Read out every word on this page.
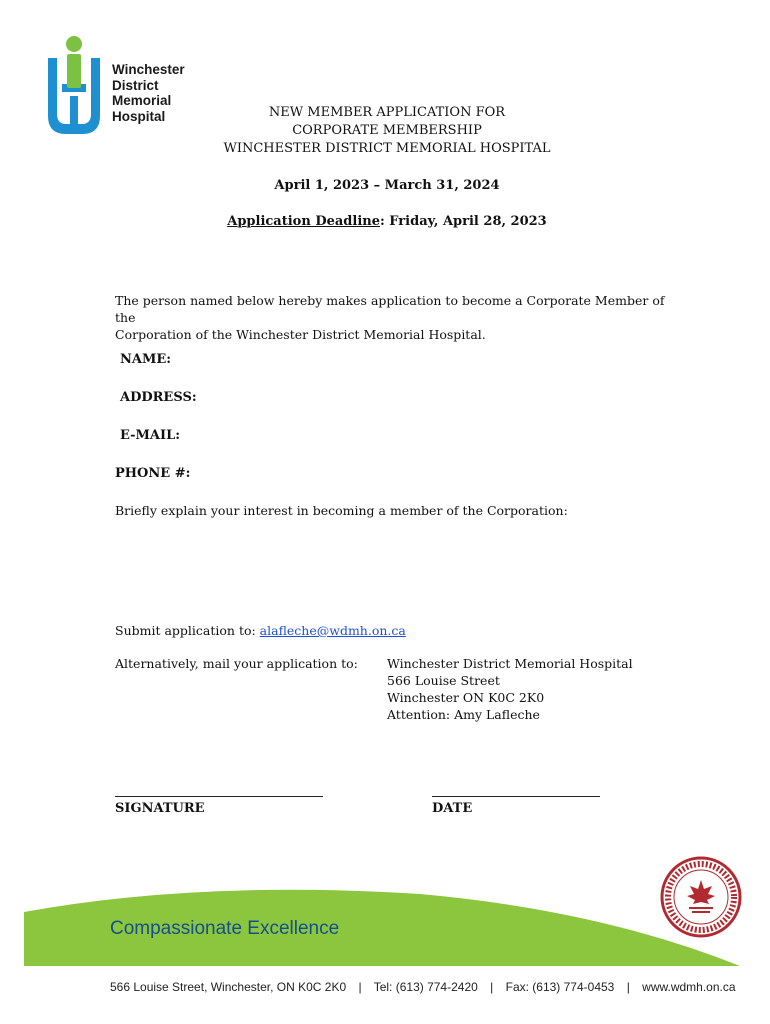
Winchester
District
Memorial
Hospital	NEW MEMBER APPLICATION FOR
CORPORATE MEMBERSHIP
WINCHESTER DISTRICT MEMORIAL HOSPITAL
April 1, 2023 – March 31, 2024
Application Deadline: Friday, April 28, 2023
The person named below hereby makes application to become a Corporate Member of the
Corporation of the Winchester District Memorial Hospital.
NAME:
ADDRESS:
E-MAIL:
PHONE #:
Briefly explain your interest in becoming a member of the Corporation:
Submit application to: alafleche@wdmh.on.ca
Alternatively, mail your application to: Winchester District Memorial Hospital
566 Louise Street
Winchester ON K0C 2K0
Attention: Amy Lafleche
SIGNATURE	DATE
Compassionate Excellence
566 Louise Street, Winchester, ON K0C 2K0 | Tel: (613) 774-2420 | Fax: (613) 774-0453 | www.wdmh.on.ca
